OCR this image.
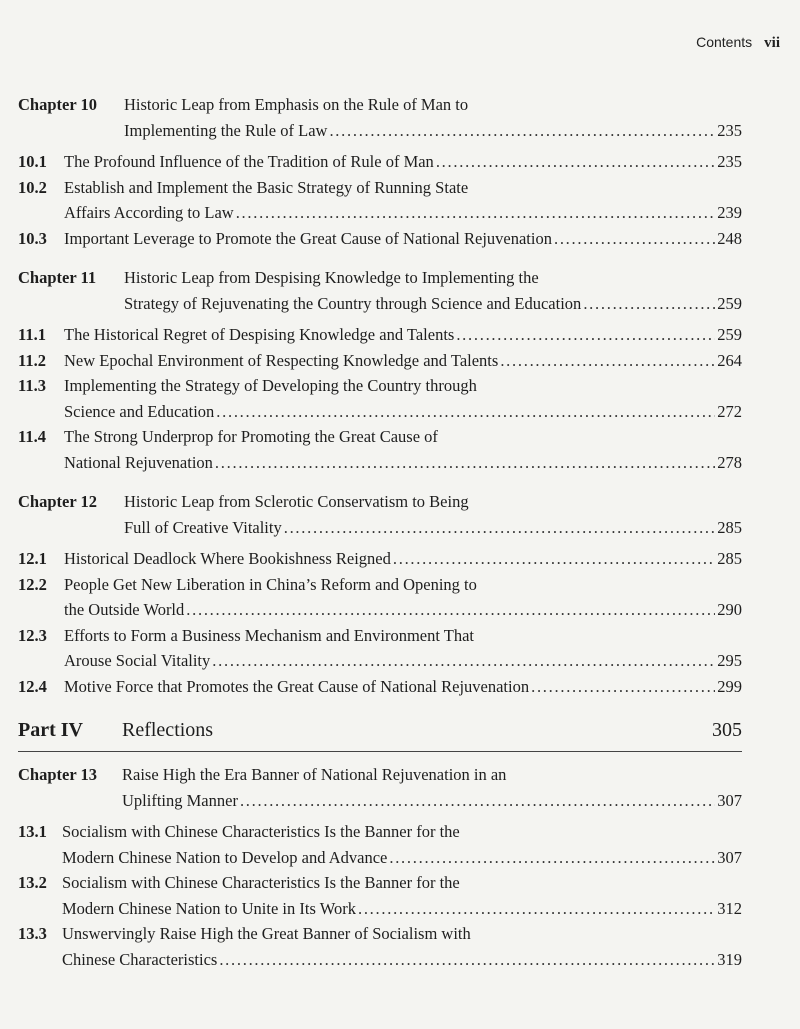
Contents vii
Chapter 10 Historic Leap from Emphasis on the Rule of Man to
Implementing the Rule of Law . . .	235
10.1 The Profound Influence of the Tradition of Rule of Man . . .	235
10.2 Establish and Implement the Basic Strategy of Running State
Affairs According to Law . . .	239
10.3 Important Leverage to Promote the Great Cause of National Rejuvenation . . .	248
Chapter 11 Historic Leap from Despising Knowledge to Implementing the
Strategy of Rejuvenating the Country through Science and Education . . .	259
11.1 The Historical Regret of Despising Knowledge and Talents . . .	259
11.2 New Epochal Environment of Respecting Knowledge and Talents . . .	264
11.3 Implementing the Strategy of Developing the Country through
Science and Education . . .	272
11.4 The Strong Underprop for Promoting the Great Cause of
National Rejuvenation . . .	278
Chapter 12 Historic Leap from Sclerotic Conservatism to Being
Full of Creative Vitality . . .	285
12.1 Historical Deadlock Where Bookishness Reigned . . .	285
12.2 People Get New Liberation in China’s Reform and Opening to
the Outside World . . .	290
12.3 Efforts to Form a Business Mechanism and Environment That
Arouse Social Vitality . . .	295
12.4 Motive Force that Promotes the Great Cause of National Rejuvenation . . .	299
Part IV Reflections	305
Chapter 13 Raise High the Era Banner of National Rejuvenation in an
Uplifting Manner . . .	307
13.1 Socialism with Chinese Characteristics Is the Banner for the
Modern Chinese Nation to Develop and Advance . . .	307
13.2 Socialism with Chinese Characteristics Is the Banner for the
Modern Chinese Nation to Unite in Its Work . . .	312
13.3 Unswervingly Raise High the Great Banner of Socialism with
Chinese Characteristics . . .	319
